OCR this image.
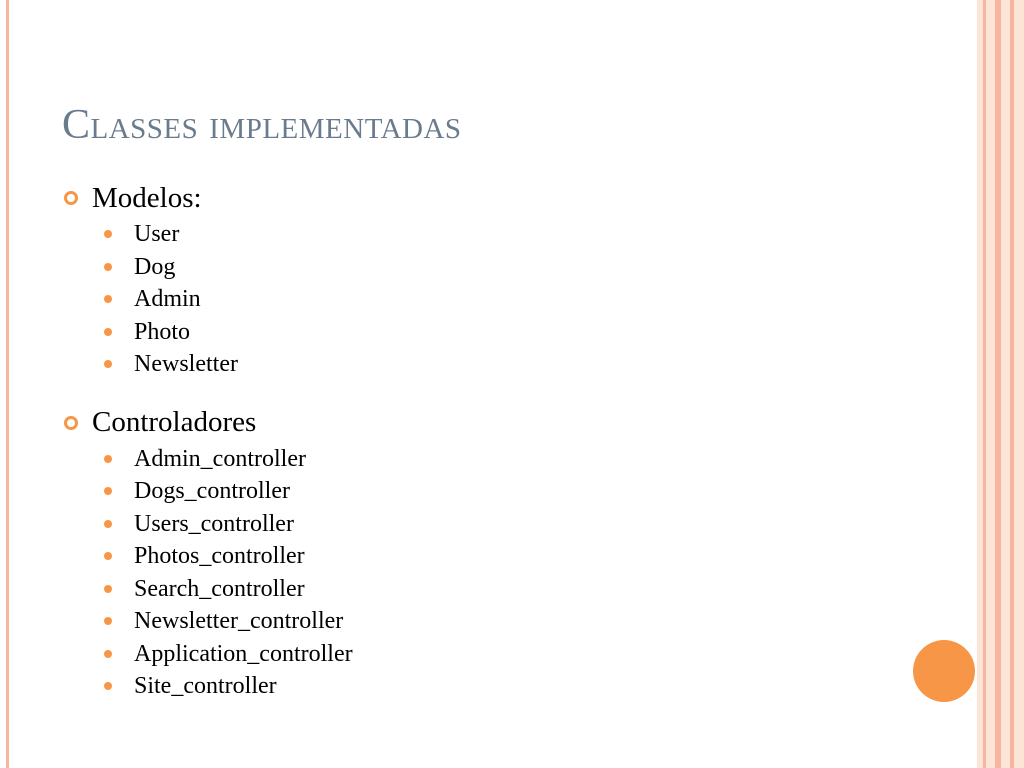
Classes implementadas
Modelos:
User
Dog
Admin
Photo
Newsletter
Controladores
Admin_controller
Dogs_controller
Users_controller
Photos_controller
Search_controller
Newsletter_controller
Application_controller
Site_controller
